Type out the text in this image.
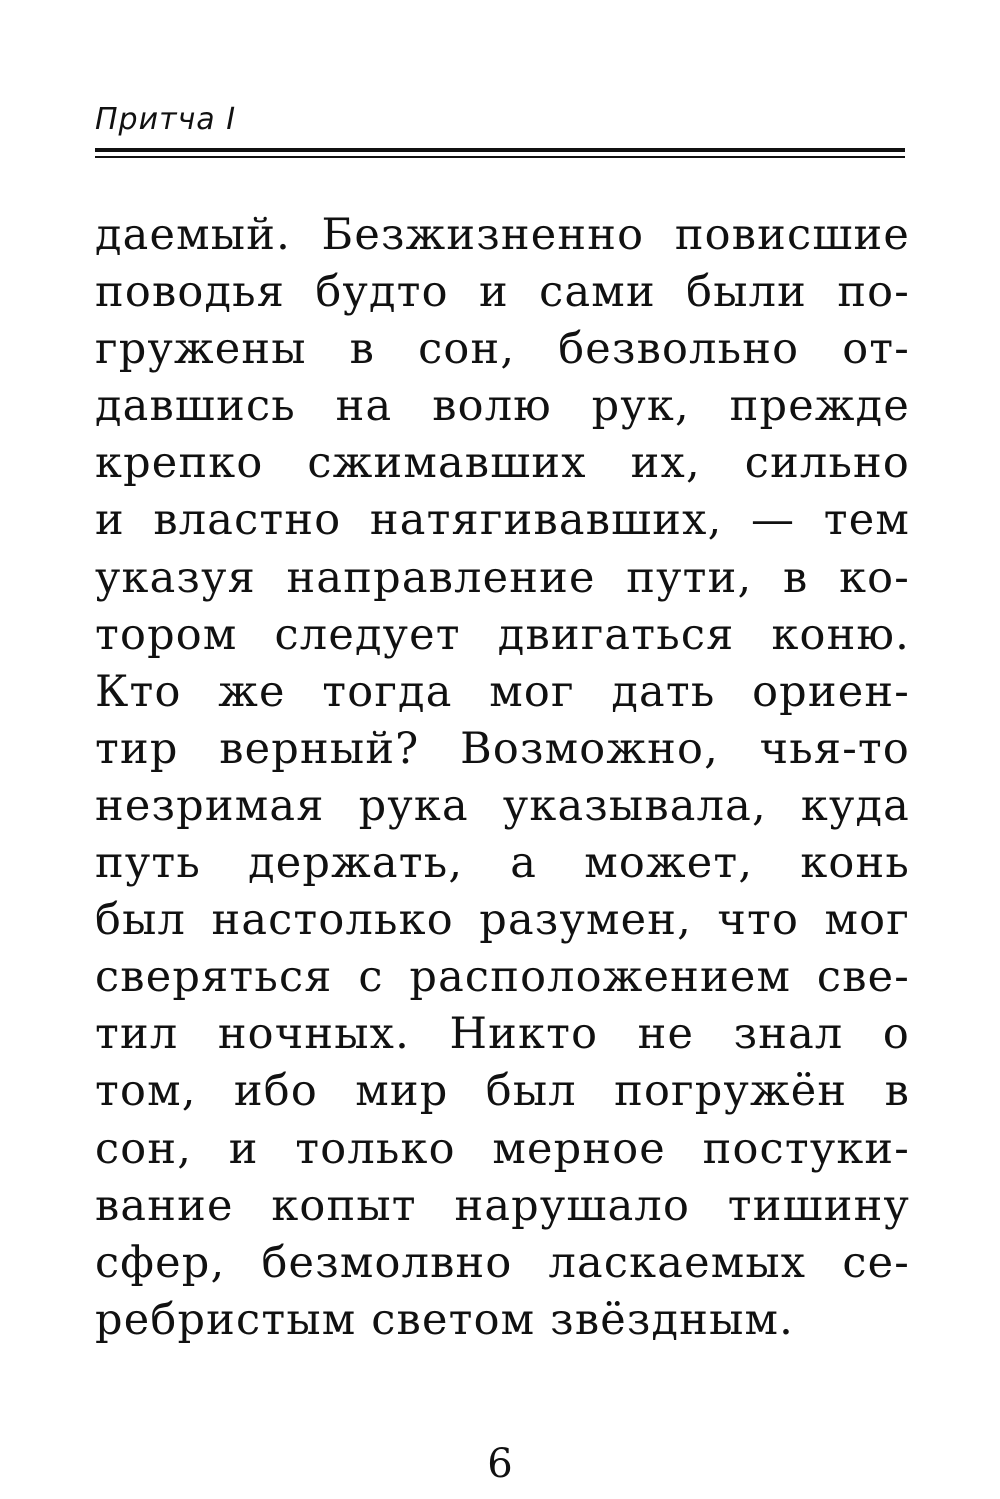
Притча I
даемый. Безжизненно повисшие
поводья будто и сами были по-
гружены в сон, безвольно от-
давшись на волю рук, прежде
крепко сжимавших их, сильно
и властно натягивавших, — тем
указуя направление пути, в ко-
тором следует двигаться коню.
Кто же тогда мог дать ориен-
тир верный? Возможно, чья-то
незримая рука указывала, куда
путь держать, а может, конь
был настолько разумен, что мог
сверяться с расположением све-
тил ночных. Никто не знал о
том, ибо мир был погружён в
сон, и только мерное постуки-
вание копыт нарушало тишину
сфер, безмолвно ласкаемых се-
ребристым светом звёздным.
6
